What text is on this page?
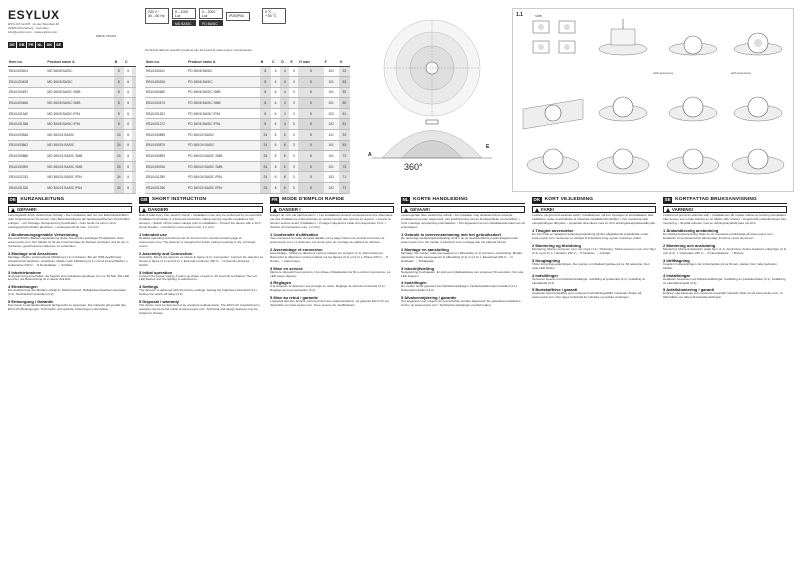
ESYLUX
ESYLUX GmbH · An der Strusbek 40
22926 Ahrensburg · Germany
info@esylux.com · www.esylux.com
MBCE 766303
DE	GB	FR	NL	DK	SE
230 V ~
50 – 60 Hz
5 – 1000
Lux
MD BASIC
5 – 2000
Lux
PD BASIC
IP20/IP54
0 °C …
+ 50 °C
Technical data for specific products can be found at www.esylux.com/products
Item no.	Product name A	B	C	
EB10430404	MD 360/8 BASIC	8	6	
EB10430428	MD 360/8 BASIC	8	6	
EB10430497	MD 360/8 BASIC SMB	8	6	
EB10430466	MD 360/8 BASIC SMB	8	6	
EB10431340	MD 360/8 BASIC IP54	8	6	
EB10431358	MD 360/8 BASIC IP54	8	6	
EB10430848	MD 360/24 BASIC	24	8	
EB10430862	MD 360/24 BASIC	24	8	
EB10430886	MD 360/24 BASIC SMB	24	8	
EB10430909	MD 360/24 BASIC SMB	24	8	
EB10431333	MD 360/24 BASIC IP54	24	8	
EB10431326	MD 360/24 BASIC IP54	24	8	
Item no.	Product name A	B	C	D	E	H max	F	G
EB10430411	PD 360/8 BASIC	8	6	4	3	5	101	33
EB10430435	PD 360/8 BASIC	8	6	4	3	5	101	53
EB10430480	PD 360/8 BASIC SMB	8	6	4	3	5	101	33
EB10430473	PD 360/8 BASIC SMB	8	6	4	3	5	101	50
EB10431302	PD 360/8 BASIC IP54	8	6	4	3	5	102	51
EB10431272	PD 360/8 BASIC IP54	8	6	4	3	5	102	51
EB10430855	PD 360/24 BASIC	24	8	6	3	5	101	33
EB10430879	PD 360/24 BASIC	24	8	6	3	5	101	53
EB10430893	PD 360/24 BASIC SMB	24	8	6	3	5	101	73
EB10430916	PD 360/24 BASIC SMB	24	8	6	3	5	101	73
EB10431289	PD 360/24 BASIC IP54	24	8	6	3	5	102	71
EB10431296	PD 360/24 BASIC IP54	24	8	6	3	5	102	71
360°
A
E
1.1
with accessory	with accessory
SMB
DE KURZANLEITUNG
GEFAHR!

Lebensgefahr durch elektrischen Schlag! • Die Installation darf nur von Elektrofachkräften oder Unterwiesenen Personen unter Berücksichtigung der landesspezifischen Vorschriften erfolgen. • Vor Montage Netzspannung freischalten. • Das Gerät mit einem 10-A-Leitungsschutzschalter absichern. • Leiterquerschnitt max. 1,2 mm².

1 Bestimmungsgemäße Verwendung

Die ausführliche Bedienungsanleitung finden Sie auf der jeweiligen Produktseite unter www.esylux.com. Der Melder ist für die Innenmontage an Decken konzipiert und ist nur in trockenen, geschlossenen Räumen zu verwenden.

2 Montage und Anschluss

Montage: Melder entsprechend Abbildung (1.1) montieren. Bei der IP54-Ausführung Zusatzschutz beachten. Anschluss: Melder nach Abbildung (2.1) und (2.2) anschließen. L Außenleiter 230 V~ · N Neutralleiter · ↓ Schalter.

3 Inbetriebnahme

Netzspannung einschalten. Es beginnt eine Initialisierungsphase von ca. 60 Sek. Die LED leuchtet, die Beleuchtung ist in dieser Zeit EIN.

4 Einstellungen

Die Auslieferung des Melders erfolgt im Werkszustand. Helligkeitsschwellwert einstellen (3.1). Nachlaufzeit einstellen (3.2).

5 Entsorgung / Garantie

Das Gerät ist als Elektroaltgerät fachgerecht zu entsorgen. Die Garantie gilt gemäß den ESYLUX-Bedingungen. Technische und optische Änderungen vorbehalten.

GB SHORT INSTRUCTION
DANGER!

Risk of fatal injury from electric shock! • Installation must only be performed by an electrical installation technician or a licensed electrician, taking country-specific regulations into account. • Switch off the mains voltage prior to installation. • Protect the device with a 10 A circuit breaker. • Conductor cross-section max. 1.2 mm².

1 Intended use

Detailed operating instructions can be found on the relevant product page at www.esylux.com. The detector is designed for indoor ceiling mounting in dry, enclosed rooms.

2 Assembly and Connection

Assembly: Mount the detector as shown in figure (1.1). Connection: Connect the detector as shown in figure (2.1) and (2.2). L External conductor 230 V~ · N Neutral conductor · ↓ Switch.

3 Initial operation

Connect the power supply. A warm-up phase of approx. 60 seconds is initiated. The red LED flashes and the lighting is switched on.

4 Settings

The detector is delivered with the factory settings. Setting the brightness threshold (3.1). Setting the switch-off delay (3.2).

5 Disposal / warranty

The device must be disposed of as unsorted residual waste. The ESYLUX manufacturer's warranty can be found online at www.esylux.com. Technical and design features may be subject to change.

FR MODE D'EMPLOI RAPIDE
DANGER !

Danger de mort par électrocution ! • Les installations doivent exclusivement être effectuées par des installateurs professionnels en tenant compte des normes en vigueur. • Couper la tension secteur avant l'installation. • Protéger l'appareil à l'aide d'un disjoncteur 10 A. • Section du conducteur max. 1,2 mm².

1 Conformité d'utilisation

Vous trouverez le mode d'emploi détaillé sur la page internet du produit concerné sur www.esylux.com. Le détecteur est conçu pour un montage au plafond en intérieur.

2 Assemblage et connexion

Assemblage : Monter le détecteur comme indiqué sur la figure (1.1). Raccordement : Raccorder le détecteur comme indiqué sur les figures (2.1) et (2.2). L Phase 230 V~ · N Neutre · ↓ Interrupteur.

3 Mise en service

Mettre le dispositif sous tension. Une phase d'initialisation de 60 s environ commence. La LED rouge clignote.

4 Réglages

À la livraison, le détecteur est préréglé en usine. Réglage du seuil de luminosité (3.1). Réglage de la temporisation (3.2).

5 Mise au rebut / garantie

L'appareil doit être éliminé conformément aux réglementations. La garantie ESYLUX est disponible sur www.esylux.com. Sous réserve de modifications.

NL KORTE HANDLEIDING
GEVAAR!

Levensgevaar door elektrische schok! • De installatie mag uitsluitend door erkende installateurs worden uitgevoerd, met inachtneming van de landspecifieke voorschriften. • Vóór montage netspanning uitschakelen. • Het apparaat met een installatieautomaat van 10 A beveiligen.

1 Gebruik in overeenstemming met het gebruiksdoel

De uitvoerige bedieningshandleiding vindt u op de desbetreffende productpagina onder www.esylux.com. De melder is bestemd voor montage aan het plafond binnen.

2 Montage en aansluiting

Montage: De melder zoals weergegeven in afbeelding (1.1) monteren. Aansluiting: Melder aansluiten zoals weergegeven in afbeelding (2.1) en (2.2). L Fasedraad 230 V~ · N Nuldraad · ↓ Schakelaar.

3 Inbedrijfstelling

Netspanning inschakelen. Er start een initialisatiefase van ongeveer 60 seconden. De rode LED knippert.

4 Instellingen

De melder wordt geleverd met fabrieksinstellingen. Helderheidsdrempel instellen (3.1). Nalooptijd instellen (3.2).

5 Afvalverwijdering / garantie

Het apparaat moet volgens de voorschriften worden afgevoerd. De garantievoorwaarden vindt u op www.esylux.com. Technische wijzigingen voorbehouden.

DK KORT VEJLEDNING
FARE!

Livsfare, på grund af elektrisk stød! • Installationen må kun foretages af elinstallatører eller elektrikere under overholdelse af nationale installationsforskrifter. • Før montering skal netspændingen afbrydes. • Apparatet skal sikres med en 10 A ledningsbeskyttelsesafbryder.

1 Tilsigtet anvendelse

Du kan finde en detaljeret betjeningsvejledning på den pågældende produktside under www.esylux.com. Sensoren er udviklet til indendørs brug og kan monteres i loftet.

2 Montering og tilslutning

Montering: Monter sensoren som vist i figur (1.1). Tilslutning: Tilslut sensoren som vist i figur (2.1) og (2.2). L Yderleder 230 V~ · N Nulleder · ↓ Kontakt.

3 Ibrugtagning

Tilslut forsyningsspændingen. Der starter en initialiseringsfase på ca. 60 sekunder. Den røde LED blinker.

4 Indstillinger

Sensoren leveres med fabriksindstillinger. Indstilling af lystærskel (3.1). Indstilling af efterløbstid (3.2).

5 Bortskaffelse / garanti

Apparatet skal bortskaffes som usorteret husholdningsaffald. Garantien findes på www.esylux.com. Der tages forbehold for tekniske og optiske ændringer.

SE KORTFATTAD BRUKSANVISNING
VARNING!

Livsfara på grund av elektrisk stöt! • Installationen får endast utföras av behörig elinstallatör eller person som under ledning av en sådan utför arbetet. • Koppla ifrån nätspänningen före montering. • Skydda enheten med en ledningsskyddsbrytare på 10 A.

1 Ändamålsenlig användning

En utförlig bruksanvisning hittar du på respektive produktsida på www.esylux.com. Detektorn är konstruerad för takmontage inomhus i torra utrymmen.

2 Montering och anslutning

Montering: Montera detektorn enligt figur (1.1). Anslutning: Anslut detektorn enligt figur (2.1) och (2.2). L Ytterledare 230 V~ · N Neutralledare · ↓ Brytare.

3 Idrifttagning

Koppla in nätspänningen. En initieringsfas på ca 60 sek. startas. Den röda lysdioden blinkar.

4 Inställningar

Detektorn levereras med fabriksinställningar. Inställning av ljustärketröskel (3.1). Inställning av eftersläpningstid (3.2).

5 Avfallshantering / garanti

Enheten ska kasseras som osorterat restavfall. Garantin hittar du på www.esylux.com. Vi förbehåller oss rätten till tekniska ändringar.
